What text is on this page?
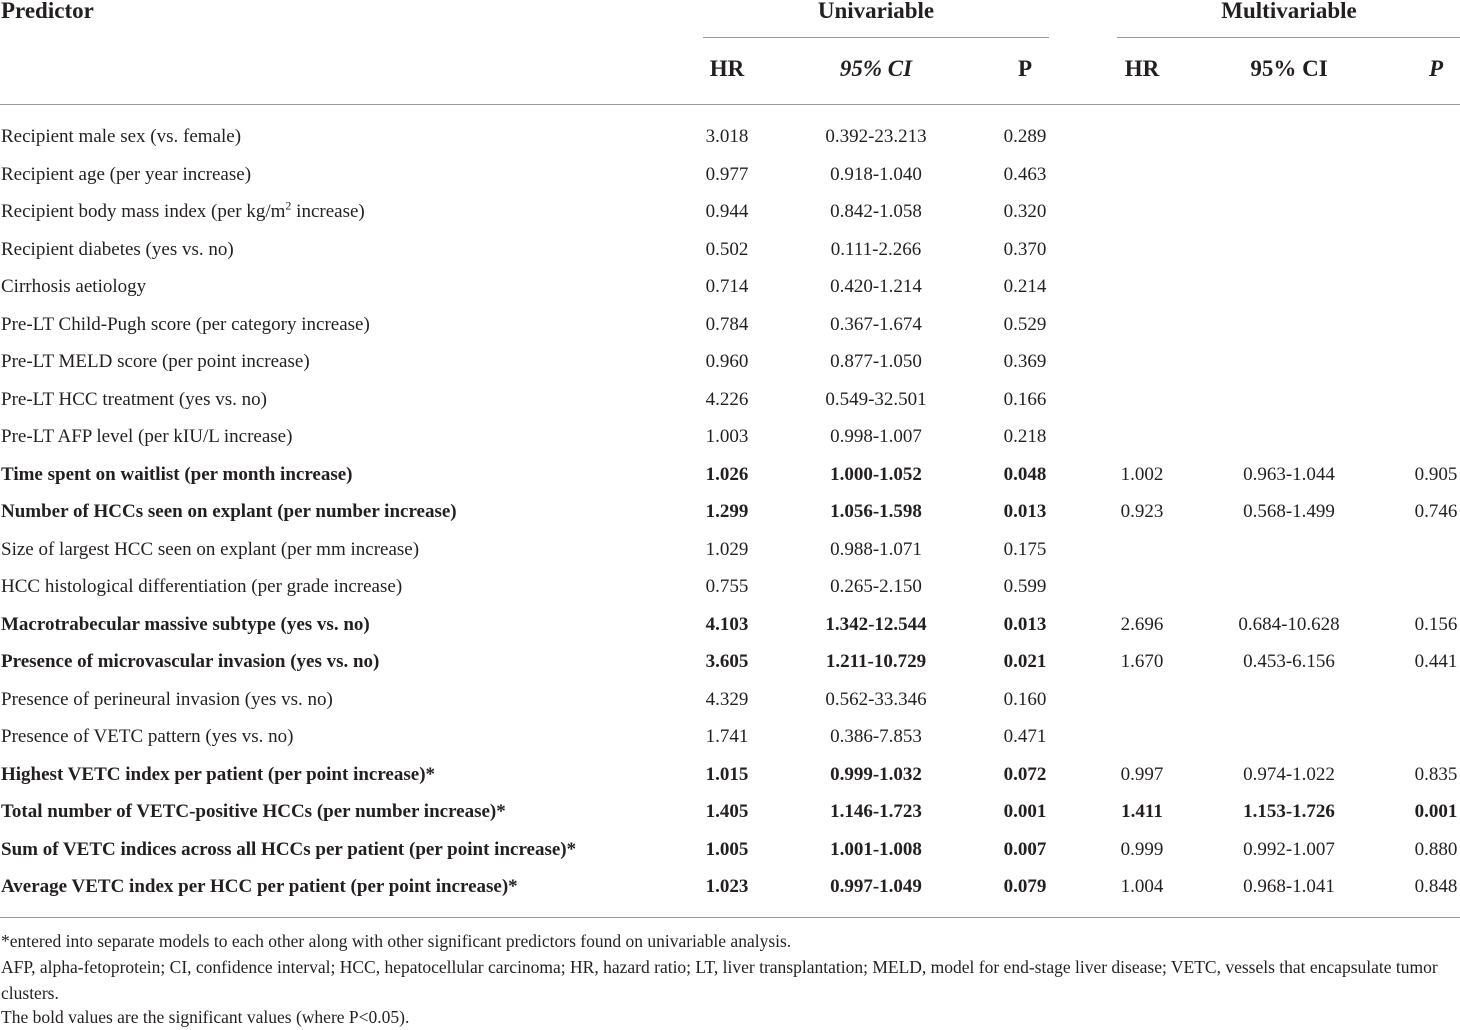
Predictor	Univariable	Multivariable
HR	95% CI	P	HR	95% CI	P
Recipient male sex (vs. female)	3.018	0.392-23.213	0.289
Recipient age (per year increase)	0.977	0.918-1.040	0.463
Recipient body mass index (per $kg/m^2$ increase)	0.944	0.842-1.058	0.320
Recipient diabetes (yes vs. no)	0.502	0.111-2.266	0.370
Cirrhosis aetiology	0.714	0.420-1.214	0.214
Pre-LT Child-Pugh score (per category increase)	0.784	0.367-1.674	0.529
Pre-LT MELD score (per point increase)	0.960	0.877-1.050	0.369
Pre-LT HCC treatment (yes vs. no)	4.226	0.549-32.501	0.166
Pre-LT AFP level (per kIU/L increase)	1.003	0.998-1.007	0.218
Time spent on waitlist (per month increase)	1.026	1.000-1.052	0.048	1.002	0.963-1.044	0.905
Number of HCCs seen on explant (per number increase)	1.299	1.056-1.598	0.013	0.923	0.568-1.499	0.746
Size of largest HCC seen on explant (per mm increase)	1.029	0.988-1.071	0.175
HCC histological differentiation (per grade increase)	0.755	0.265-2.150	0.599
Macrotrabecular massive subtype (yes vs. no)	4.103	1.342-12.544	0.013	2.696	0.684-10.628	0.156
Presence of microvascular invasion (yes vs. no)	3.605	1.211-10.729	0.021	1.670	0.453-6.156	0.441
Presence of perineural invasion (yes vs. no)	4.329	0.562-33.346	0.160
Presence of VETC pattern (yes vs. no)	1.741	0.386-7.853	0.471
Highest VETC index per patient (per point increase)*	1.015	0.999-1.032	0.072	0.997	0.974-1.022	0.835
Total number of VETC-positive HCCs (per number increase)*	1.405	1.146-1.723	0.001	1.411	1.153-1.726	0.001
Sum of VETC indices across all HCCs per patient (per point increase)*	1.005	1.001-1.008	0.007	0.999	0.992-1.007	0.880
Average VETC index per HCC per patient (per point increase)*	1.023	0.997-1.049	0.079	1.004	0.968-1.041	0.848
*entered into separate models to each other along with other significant predictors found on univariable analysis.
AFP, alpha-fetoprotein; CI, confidence interval; HCC, hepatocellular carcinoma; HR, hazard ratio; LT, liver transplantation; MELD, model for end-stage liver disease; VETC, vessels that encapsulate tumor clusters.
The bold values are the significant values (where P<0.05).
